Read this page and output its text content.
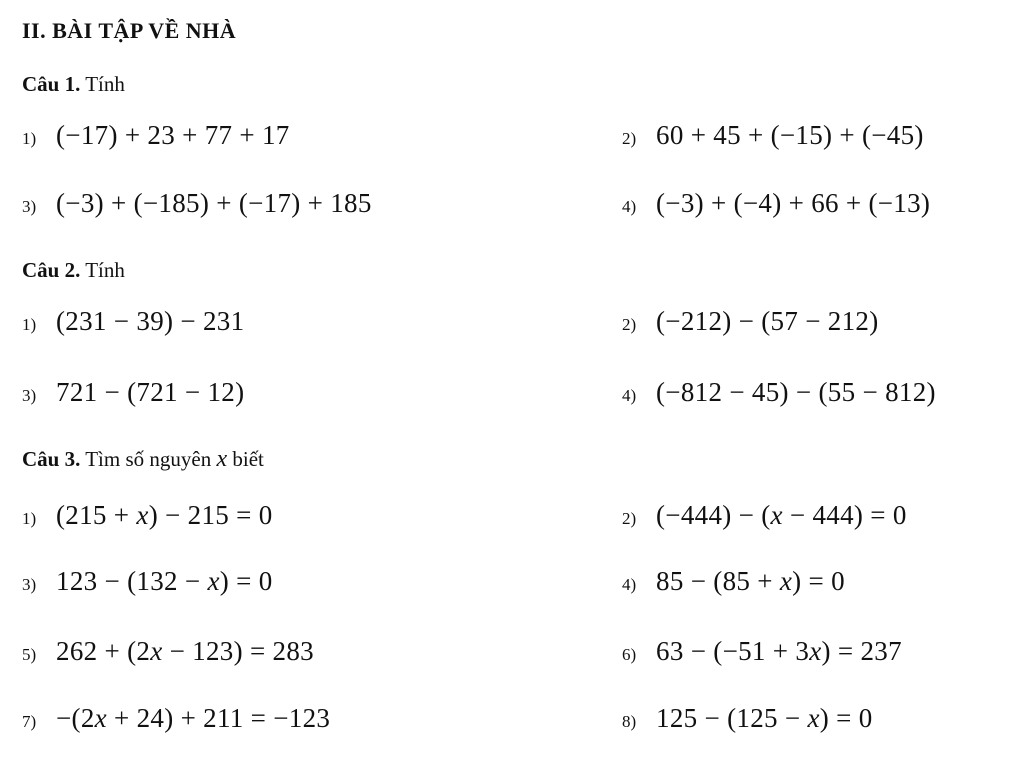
II. BÀI TẬP VỀ NHÀ
Câu 1. Tính
1) (−17) + 23 + 77 + 17	2) 60 + 45 + (−15) + (−45)
3) (−3) + (−185) + (−17) + 185	4) (−3) + (−4) + 66 + (−13)
Câu 2. Tính
1) (231 − 39) − 231	2) (−212) − (57 − 212)
3) 721 − (721 − 12)	4) (−812 − 45) − (55 − 812)
Câu 3. Tìm số nguyên x biết
1) (215 + x) − 215 = 0	2) (−444) − (x − 444) = 0
3) 123 − (132 − x) = 0	4) 85 − (85 + x) = 0
5) 262 + (2x − 123) = 283	6) 63 − (−51 + 3x) = 237
7) −(2x + 24) + 211 = −123	8) 125 − (125 − x) = 0
